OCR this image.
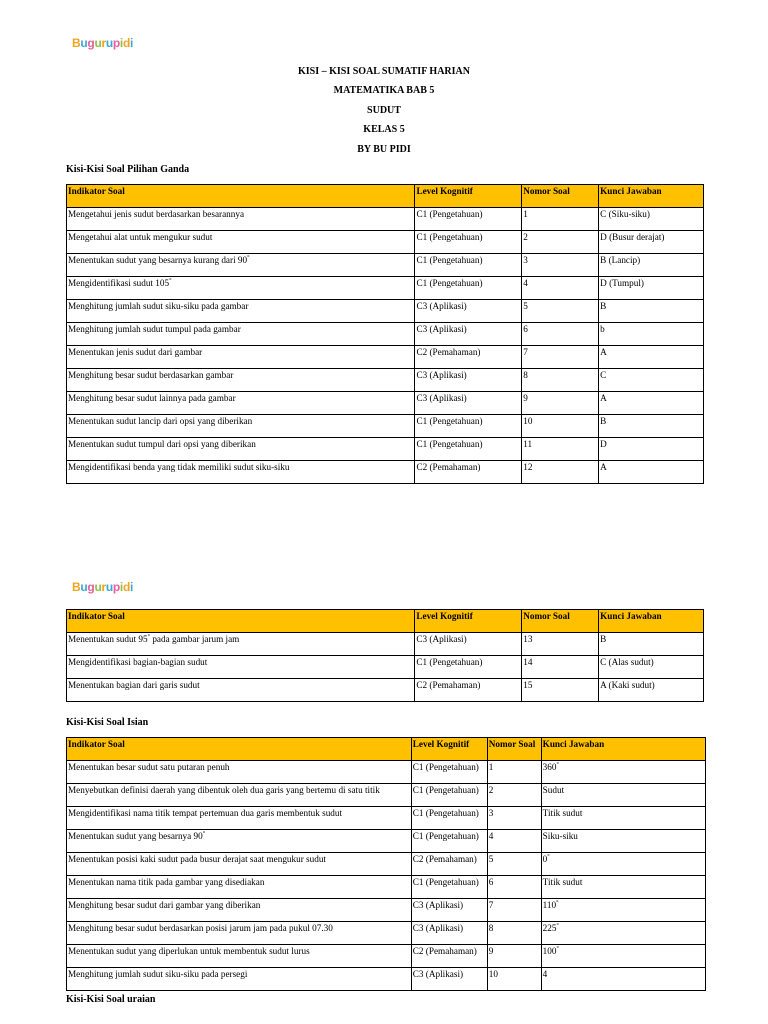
Bugurupidi
KISI – KISI SOAL SUMATIF HARIAN
MATEMATIKA BAB 5
SUDUT
KELAS 5
BY BU PIDI
Kisi-Kisi Soal Pilihan Ganda
Indikator Soal	Level Kognitif	Nomor Soal	Kunci Jawaban
Mengetahui jenis sudut berdasarkan besarannya	C1 (Pengetahuan)	1	C (Siku-siku)
Mengetahui alat untuk mengukur sudut	C1 (Pengetahuan)	2	D (Busur derajat)
Menentukan sudut yang besarnya kurang dari 90°	C1 (Pengetahuan)	3	B (Lancip)
Mengidentifikasi sudut 105°	C1 (Pengetahuan)	4	D (Tumpul)
Menghitung jumlah sudut siku-siku pada gambar	C3 (Aplikasi)	5	B
Menghitung jumlah sudut tumpul pada gambar	C3 (Aplikasi)	6	b
Menentukan jenis sudut dari gambar	C2 (Pemahaman)	7	A
Menghitung besar sudut berdasarkan gambar	C3 (Aplikasi)	8	C
Menghitung besar sudut lainnya pada gambar	C3 (Aplikasi)	9	A
Menentukan sudut lancip dari opsi yang diberikan	C1 (Pengetahuan)	10	B
Menentukan sudut tumpul dari opsi yang diberikan	C1 (Pengetahuan)	11	D
Mengidentifikasi benda yang tidak memiliki sudut siku-siku	C2 (Pemahaman)	12	A
Bugurupidi
Indikator Soal	Level Kognitif	Nomor Soal	Kunci Jawaban
Menentukan sudut 95° pada gambar jarum jam	C3 (Aplikasi)	13	B
Mengidentifikasi bagian-bagian sudut	C1 (Pengetahuan)	14	C (Alas sudut)
Menentukan bagian dari garis sudut	C2 (Pemahaman)	15	A (Kaki sudut)
Kisi-Kisi Soal Isian
Indikator Soal	Level Kognitif	Nomor Soal	Kunci Jawaban
Menentukan besar sudut satu putaran penuh	C1 (Pengetahuan)	1	360°
Menyebutkan definisi daerah yang dibentuk oleh dua garis yang bertemu di satu titik	C1 (Pengetahuan)	2	Sudut
Mengidentifikasi nama titik tempat pertemuan dua garis membentuk sudut	C1 (Pengetahuan)	3	Titik sudut
Menentukan sudut yang besarnya 90°	C1 (Pengetahuan)	4	Siku-siku
Menentukan posisi kaki sudut pada busur derajat saat mengukur sudut	C2 (Pemahaman)	5	0°
Menentukan nama titik pada gambar yang disediakan	C1 (Pengetahuan)	6	Titik sudut
Menghitung besar sudut dari gambar yang diberikan	C3 (Aplikasi)	7	110°
Menghitung besar sudut berdasarkan posisi jarum jam pada pukul 07.30	C3 (Aplikasi)	8	225°
Menentukan sudut yang diperlukan untuk membentuk sudut lurus	C2 (Pemahaman)	9	100°
Menghitung jumlah sudut siku-siku pada persegi	C3 (Aplikasi)	10	4
Kisi-Kisi Soal uraian
